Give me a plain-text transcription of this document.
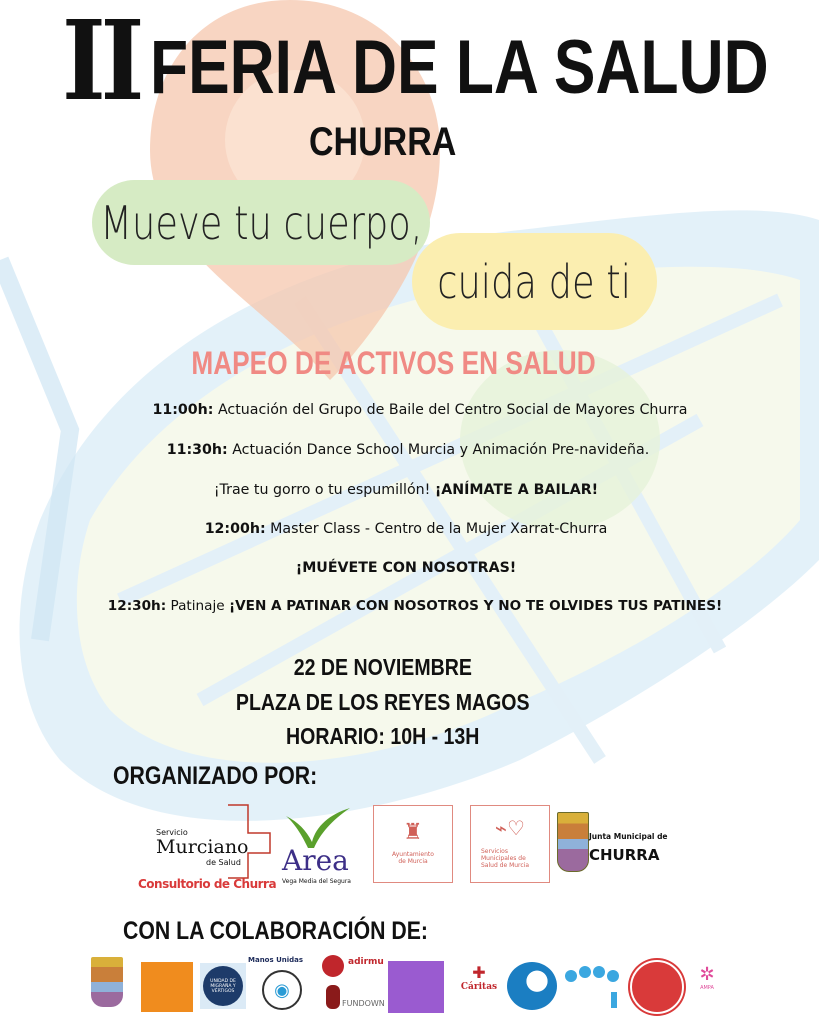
II FERIA DE LA SALUD
CHURRA
Mueve tu cuerpo,
cuida de ti
MAPEO DE ACTIVOS EN SALUD
11:00h: Actuación del Grupo de Baile del Centro Social de Mayores Churra
11:30h: Actuación Dance School Murcia y Animación Pre-navideña.
¡Trae tu gorro o tu espumillón! ¡ANÍMATE A BAILAR!
12:00h: Master Class - Centro de la Mujer Xarrat-Churra
¡MUÉVETE CON NOSOTRAS!
12:30h: Patinaje ¡VEN A PATINAR CON NOSOTROS Y NO TE OLVIDES TUS PATINES!
22 DE NOVIEMBRE
PLAZA DE LOS REYES MAGOS
HORARIO: 10H - 13H
ORGANIZADO POR:
Servicio
Murciano
de Salud
Consultorio de Churra
Area
Vega Media del Segura
♜
Ayuntamiento de Murcia
⌁♡
Servicios Municipales de Salud de Murcia
Junta Municipal de
CHURRA
CON LA COLABORACIÓN DE:
UNIDAD DE MIGRAÑA Y VÉRTIGOS
Manos Unidas
◉
adirmu
FUNDOWN
✚
Cáritas
✲
AMPA
